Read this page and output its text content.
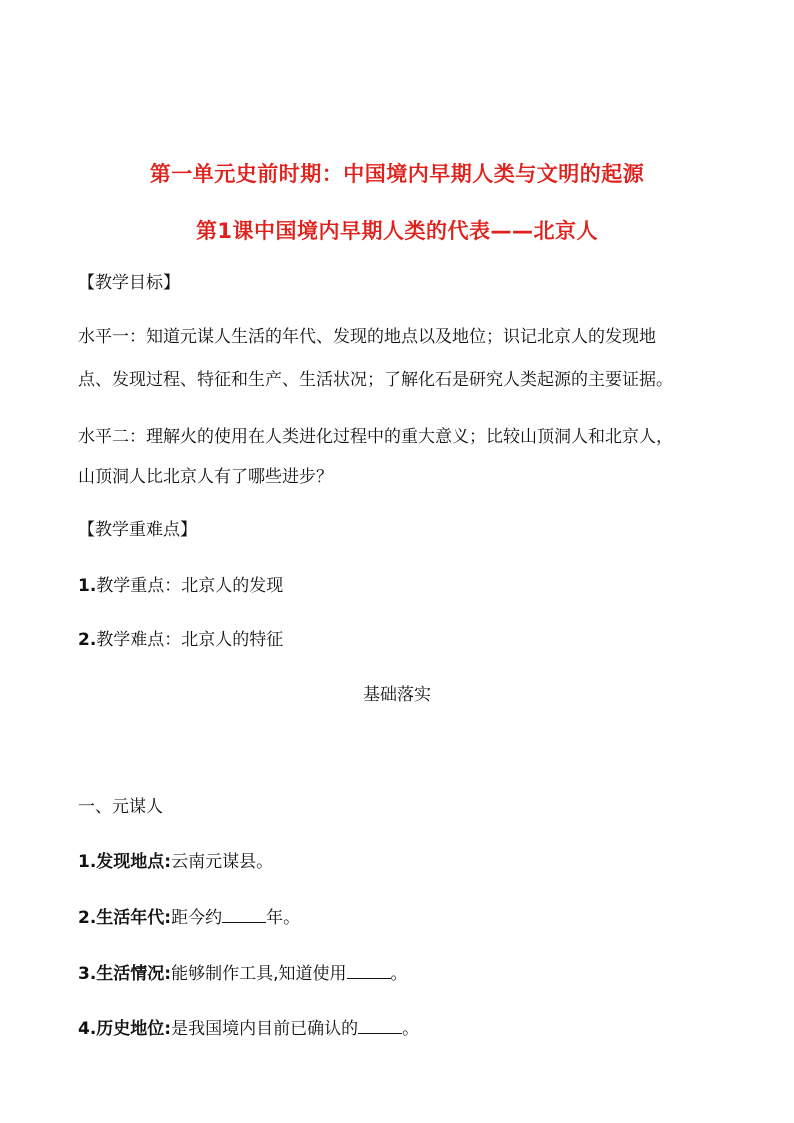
第一单元史前时期：中国境内早期人类与文明的起源
第1课中国境内早期人类的代表——北京人
【教学目标】
水平一：知道元谋人生活的年代、发现的地点以及地位；识记北京人的发现地
点、发现过程、特征和生产、生活状况；了解化石是研究人类起源的主要证据。
水平二：理解火的使用在人类进化过程中的重大意义；比较山顶洞人和北京人，
山顶洞人比北京人有了哪些进步？
【教学重难点】
1.教学重点：北京人的发现
2.教学难点：北京人的特征
基础落实
一、元谋人
1.发现地点:云南元谋县。
2.生活年代:距今约	年。
3.生活情况:能够制作工具,知道使用	。
4.历史地位:是我国境内目前已确认的	。
